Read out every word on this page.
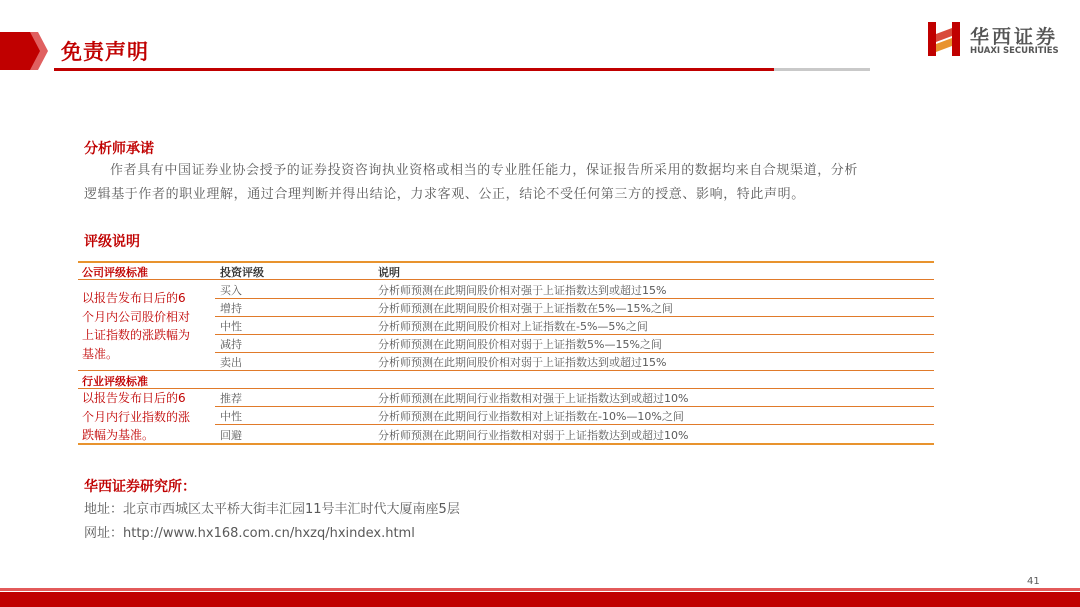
免责声明
华西证券
HUAXI SECURITIES
分析师承诺
作者具有中国证券业协会授予的证券投资咨询执业资格或相当的专业胜任能力，保证报告所采用的数据均来自合规渠道，分析
逻辑基于作者的职业理解，通过合理判断并得出结论，力求客观、公正，结论不受任何第三方的授意、影响，特此声明。
评级说明
公司评级标准	投资评级	说明
以报告发布日后的6
个月内公司股价相对
上证指数的涨跌幅为
基准。
买入	分析师预测在此期间股价相对强于上证指数达到或超过15%
增持	分析师预测在此期间股价相对强于上证指数在5%—15%之间
中性	分析师预测在此期间股价相对上证指数在-5%—5%之间
减持	分析师预测在此期间股价相对弱于上证指数5%—15%之间
卖出	分析师预测在此期间股价相对弱于上证指数达到或超过15%
行业评级标准
以报告发布日后的6
个月内行业指数的涨
跌幅为基准。
推荐	分析师预测在此期间行业指数相对强于上证指数达到或超过10%
中性	分析师预测在此期间行业指数相对上证指数在-10%—10%之间
回避	分析师预测在此期间行业指数相对弱于上证指数达到或超过10%
华西证券研究所：
地址：北京市西城区太平桥大街丰汇园11号丰汇时代大厦南座5层
网址：http://www.hx168.com.cn/hxzq/hxindex.html
41
